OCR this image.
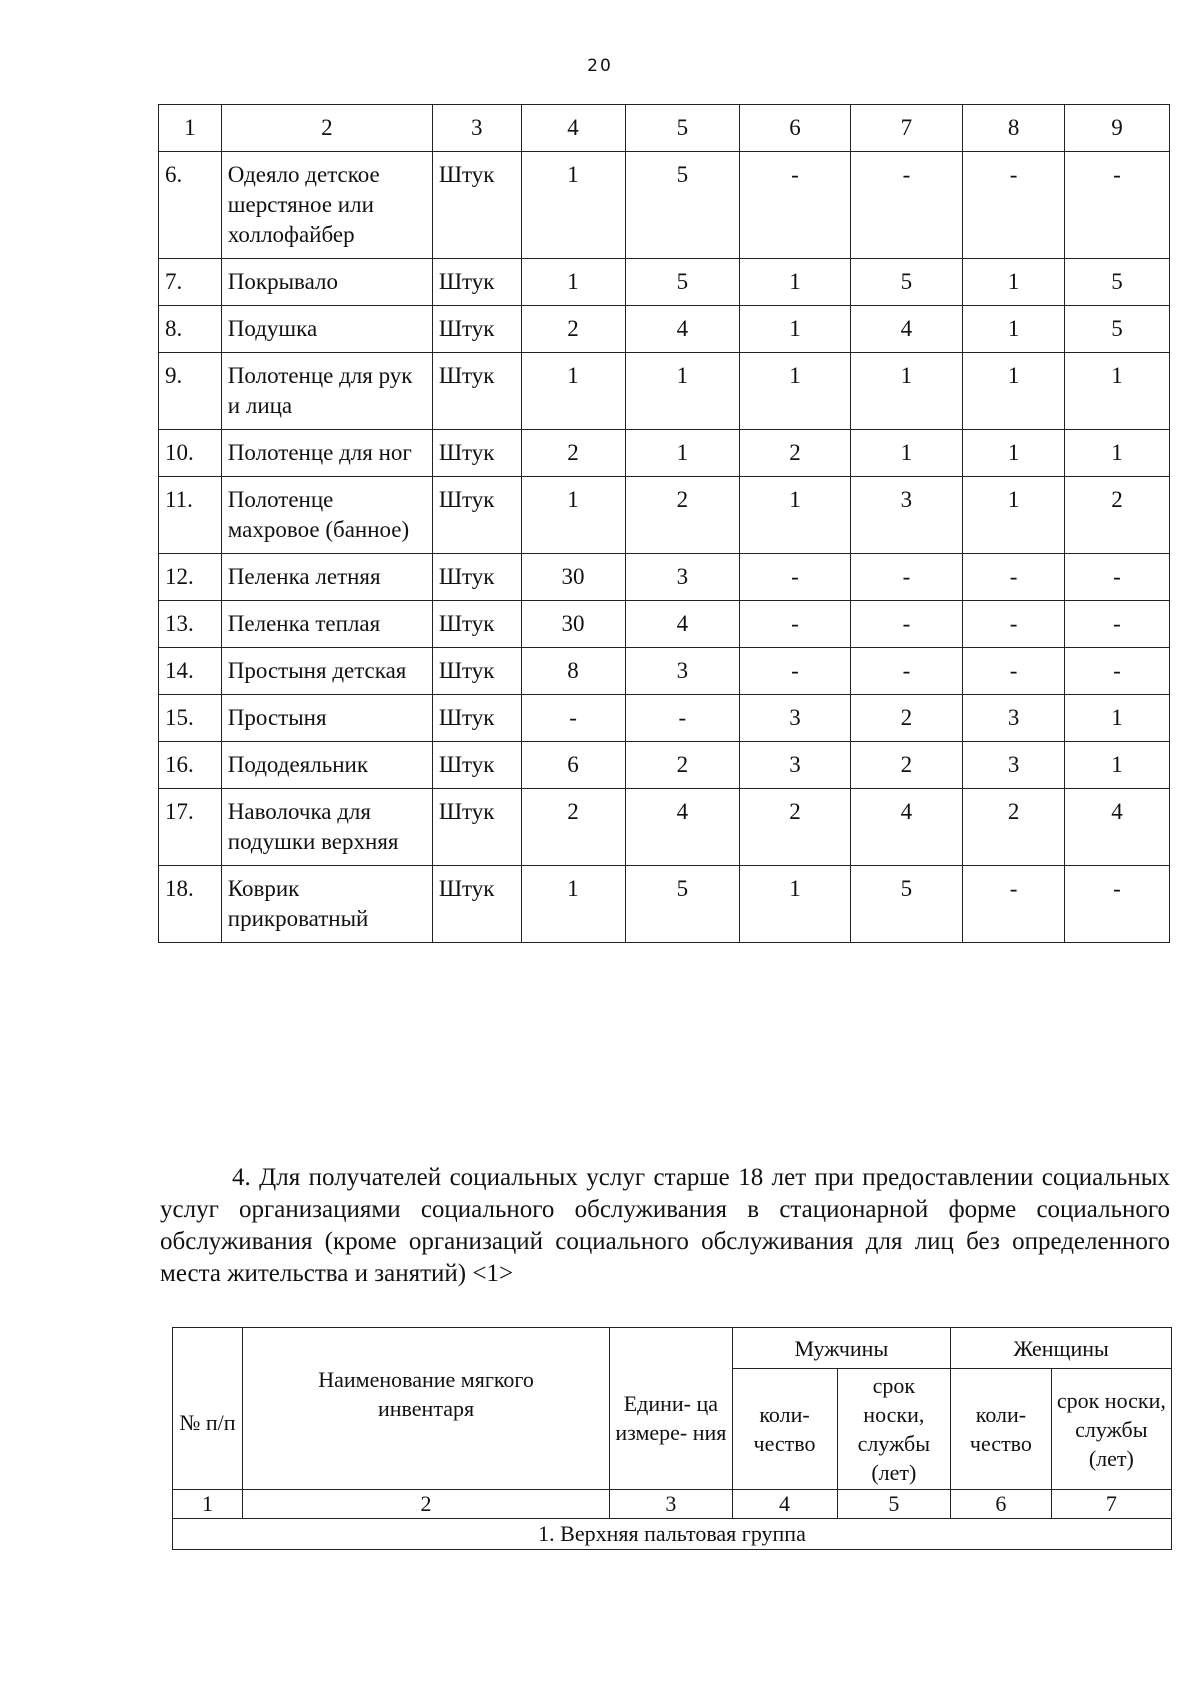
20
1	2	3	4	5	6	7	8	9
6.	Одеяло детское шерстяное или холлофайбер	Штук	1	5	-	-	-	-
7.	Покрывало	Штук	1	5	1	5	1	5
8.	Подушка	Штук	2	4	1	4	1	5
9.	Полотенце для рук и лица	Штук	1	1	1	1	1	1
10.	Полотенце для ног	Штук	2	1	2	1	1	1
11.	Полотенце махровое (банное)	Штук	1	2	1	3	1	2
12.	Пеленка летняя	Штук	30	3	-	-	-	-
13.	Пеленка теплая	Штук	30	4	-	-	-	-
14.	Простыня детская	Штук	8	3	-	-	-	-
15.	Простыня	Штук	-	-	3	2	3	1
16.	Пододеяльник	Штук	6	2	3	2	3	1
17.	Наволочка для подушки верхняя	Штук	2	4	2	4	2	4
18.	Коврик прикроватный	Штук	1	5	1	5	-	-
4. Для получателей социальных услуг старше 18 лет при предоставлении социальных услуг организациями социального обслуживания в стационарной форме социального обслуживания (кроме организаций социального обслуживания для лиц без определенного места жительства и занятий) <1>
№ п/п	Наименование мягкого инвентаря	Едини- ца измере- ния	Мужчины		Женщины	
			коли- чество	срок носки, службы (лет)	коли- чество	срок носки, службы (лет)
1	2	3	4	5	6	7
1. Верхняя пальтовая группа						
